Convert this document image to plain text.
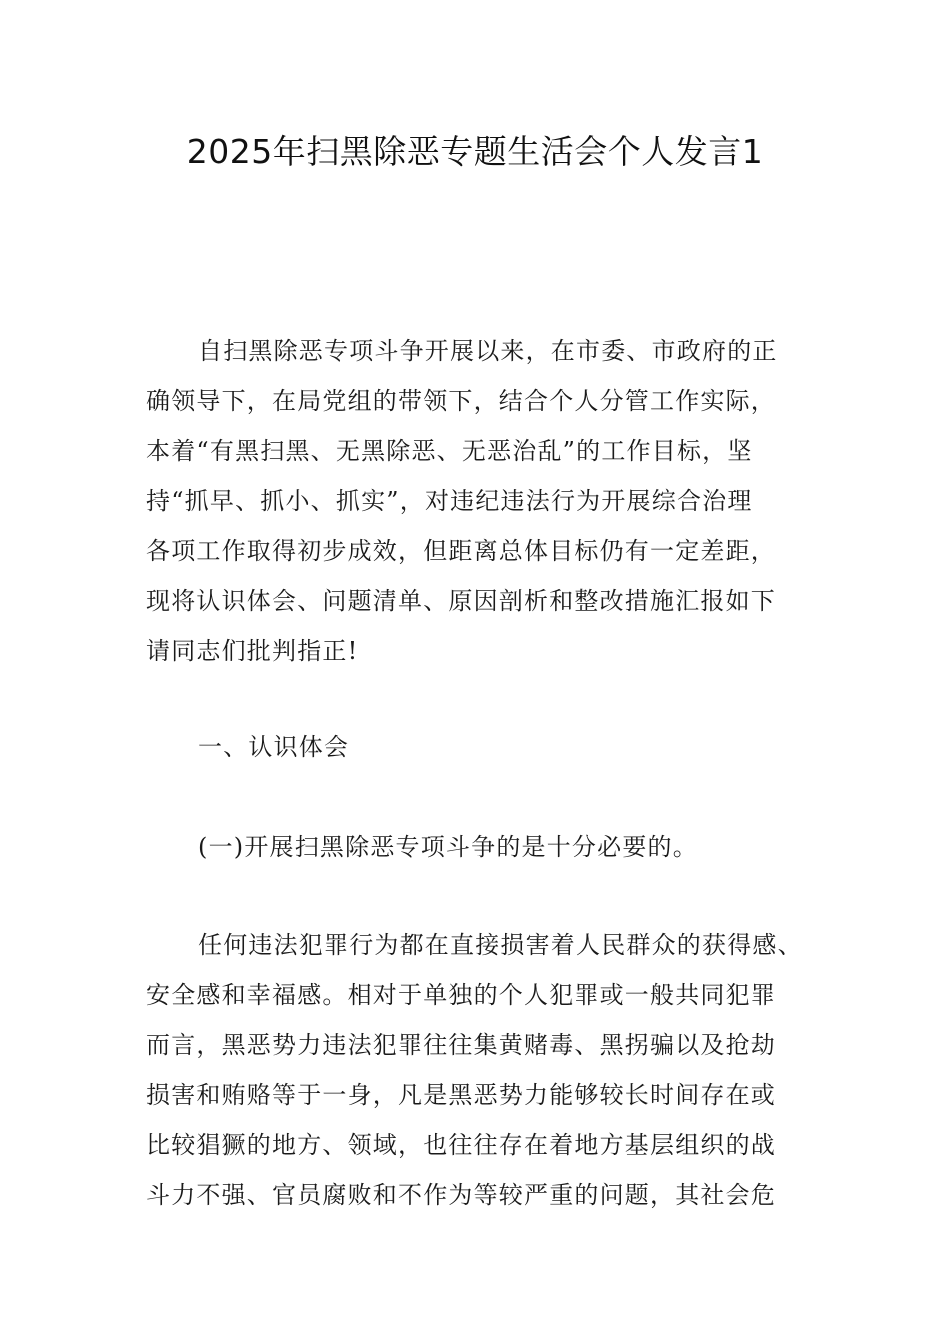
2025年扫黑除恶专题生活会个人发言1

自扫黑除恶专项斗争开展以来，在市委、市政府的正
确领导下，在局党组的带领下，结合个人分管工作实际，
本着“有黑扫黑、无黑除恶、无恶治乱”的工作目标，坚
持“抓早、抓小、抓实”，对违纪违法行为开展综合治理
各项工作取得初步成效，但距离总体目标仍有一定差距，
现将认识体会、问题清单、原因剖析和整改措施汇报如下
请同志们批判指正!

一、认识体会

(一)开展扫黑除恶专项斗争的是十分必要的。

任何违法犯罪行为都在直接损害着人民群众的获得感、
安全感和幸福感。相对于单独的个人犯罪或一般共同犯罪
而言，黑恶势力违法犯罪往往集黄赌毒、黑拐骗以及抢劫
损害和贿赂等于一身，凡是黑恶势力能够较长时间存在或
比较猖獗的地方、领域，也往往存在着地方基层组织的战
斗力不强、官员腐败和不作为等较严重的问题，其社会危
